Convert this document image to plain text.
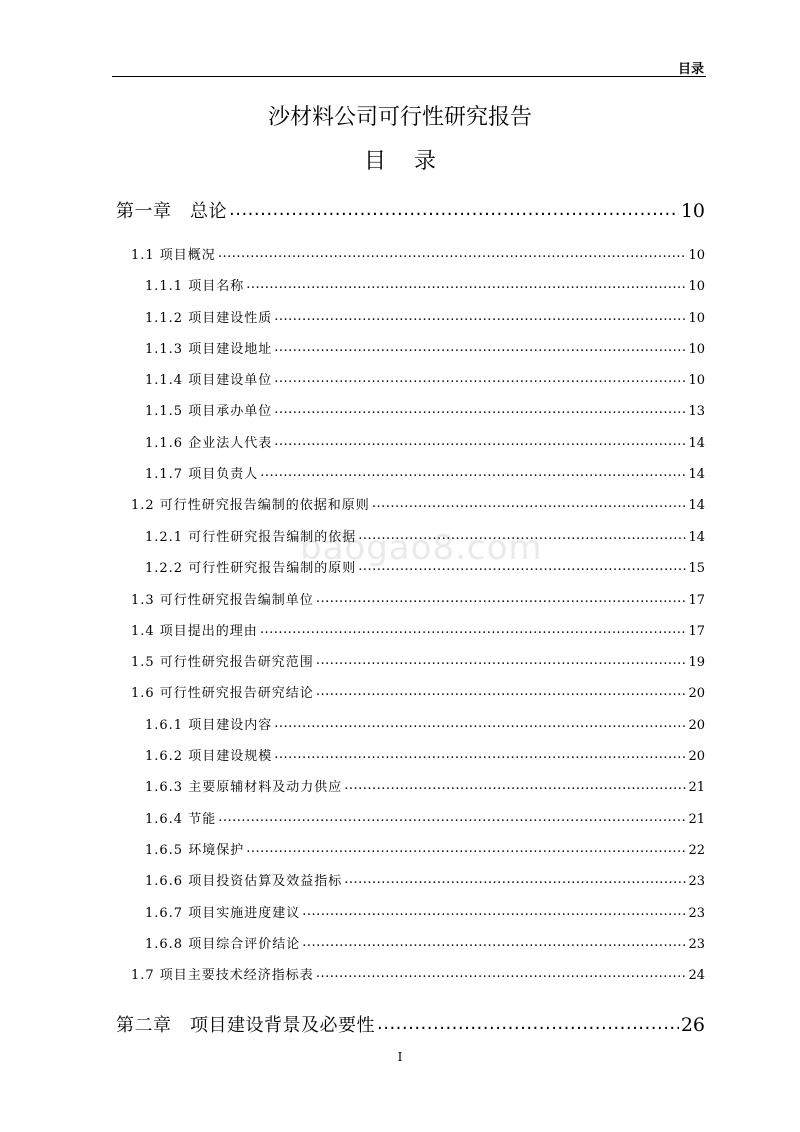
目录
沙材料公司可行性研究报告
目录
baogao8.com
第一章　总论 .....	10
1.1 项目概况 .....	10
1.1.1 项目名称 .....	10
1.1.2 项目建设性质 .....	10
1.1.3 项目建设地址 .....	10
1.1.4 项目建设单位 .....	10
1.1.5 项目承办单位 .....	13
1.1.6 企业法人代表 .....	14
1.1.7 项目负责人 .....	14
1.2 可行性研究报告编制的依据和原则 .....	14
1.2.1 可行性研究报告编制的依据 .....	14
1.2.2 可行性研究报告编制的原则 .....	15
1.3 可行性研究报告编制单位 .....	17
1.4 项目提出的理由 .....	17
1.5 可行性研究报告研究范围 .....	19
1.6 可行性研究报告研究结论 .....	20
1.6.1 项目建设内容 .....	20
1.6.2 项目建设规模 .....	20
1.6.3 主要原辅材料及动力供应 .....	21
1.6.4 节能 .....	21
1.6.5 环境保护 .....	22
1.6.6 项目投资估算及效益指标 .....	23
1.6.7 项目实施进度建议 .....	23
1.6.8 项目综合评价结论 .....	23
1.7 项目主要技术经济指标表 .....	24
第二章　项目建设背景及必要性 .....	26
I
